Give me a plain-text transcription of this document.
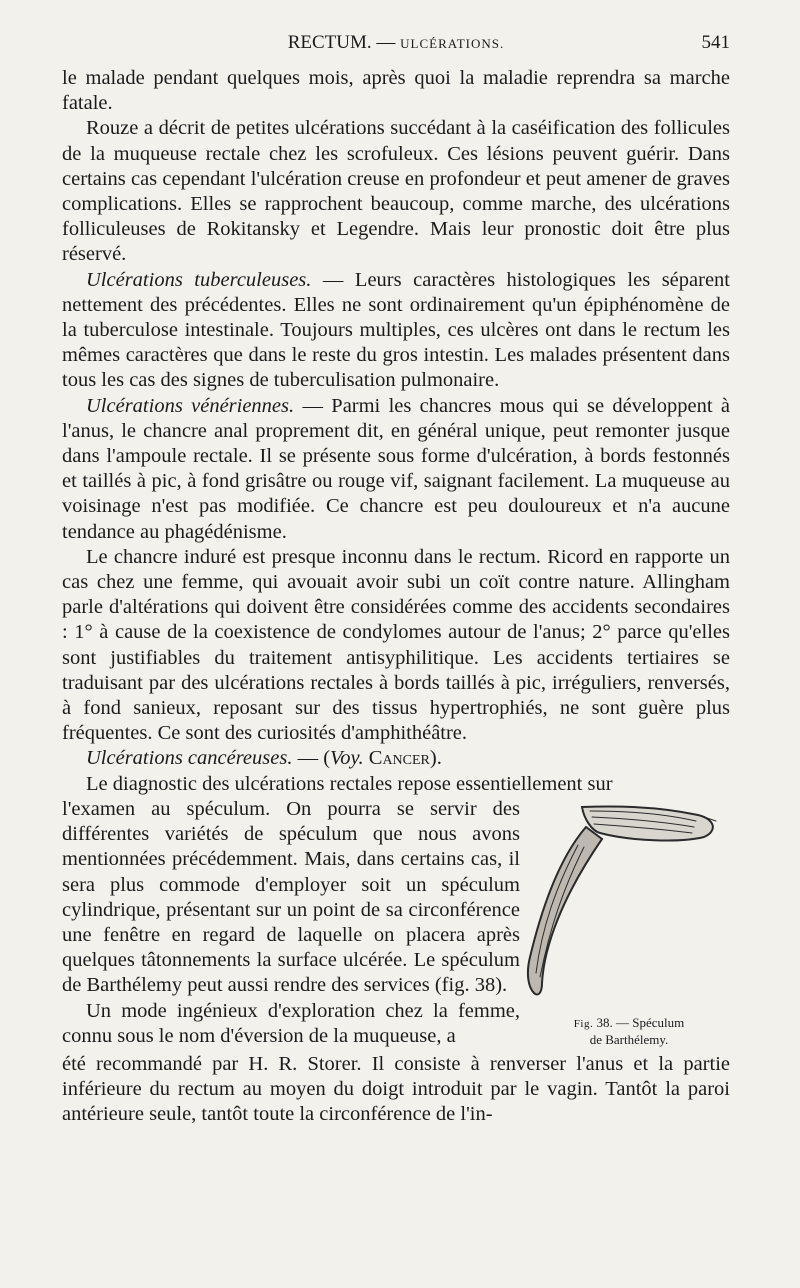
RECTUM. — ULCÉRATIONS.	541

le malade pendant quelques mois, après quoi la maladie reprendra sa marche fatale.

Rouze a décrit de petites ulcérations succédant à la caséification des follicules de la muqueuse rectale chez les scrofuleux. Ces lésions peuvent guérir. Dans certains cas cependant l'ulcération creuse en profondeur et peut amener de graves complications. Elles se rapprochent beaucoup, comme marche, des ulcérations folliculeuses de Rokitansky et Legendre. Mais leur pronostic doit être plus réservé.

Ulcérations tuberculeuses. — Leurs caractères histologiques les séparent nettement des précédentes. Elles ne sont ordinairement qu'un épiphénomène de la tuberculose intestinale. Toujours multiples, ces ulcères ont dans le rectum les mêmes caractères que dans le reste du gros intestin. Les malades présentent dans tous les cas des signes de tuberculisation pulmonaire.

Ulcérations vénériennes. — Parmi les chancres mous qui se développent à l'anus, le chancre anal proprement dit, en général unique, peut remonter jusque dans l'ampoule rectale. Il se présente sous forme d'ulcération, à bords festonnés et taillés à pic, à fond grisâtre ou rouge vif, saignant facilement. La muqueuse au voisinage n'est pas modifiée. Ce chancre est peu douloureux et n'a aucune tendance au phagédénisme.

Le chancre induré est presque inconnu dans le rectum. Ricord en rapporte un cas chez une femme, qui avouait avoir subi un coït contre nature. Allingham parle d'altérations qui doivent être considérées comme des accidents secondaires : 1° à cause de la coexistence de condylomes autour de l'anus; 2° parce qu'elles sont justifiables du traitement antisyphilitique. Les accidents tertiaires se traduisant par des ulcérations rectales à bords taillés à pic, irréguliers, renversés, à fond sanieux, reposant sur des tissus hypertrophiés, ne sont guère plus fréquentes. Ce sont des curiosités d'amphithéâtre.

Ulcérations cancéreuses. — (Voy. Cancer).

Le diagnostic des ulcérations rectales repose essentiellement sur

l'examen au spéculum. On pourra se servir des différentes variétés de spéculum que nous avons mentionnées précédemment. Mais, dans certains cas, il sera plus commode d'employer soit un spéculum cylindrique, présentant sur un point de sa circonférence une fenêtre en regard de laquelle on placera après quelques tâtonnements la surface ulcérée. Le spéculum de Barthélemy peut aussi rendre des services (fig. 38).

Un mode ingénieux d'exploration chez la femme, connu sous le nom d'éversion de la muqueuse, a

Fig. 38. — Spéculum
de Barthélemy.

été recommandé par H. R. Storer. Il consiste à renverser l'anus et la partie inférieure du rectum au moyen du doigt introduit par le vagin. Tantôt la paroi antérieure seule, tantôt toute la circonférence de l'in-
